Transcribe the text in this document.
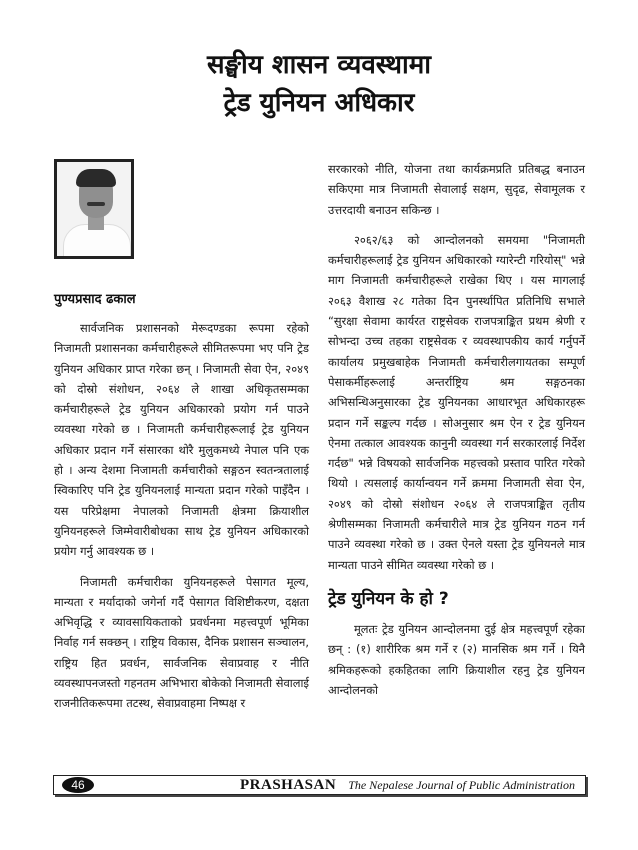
सङ्घीय शासन व्यवस्थामा
ट्रेड युनियन अधिकार
पुण्यप्रसाद ढकाल

सार्वजनिक प्रशासनको मेरूदण्डका रूपमा रहेको निजामती प्रशासनका कर्मचारीहरूले सीमितरूपमा भए पनि ट्रेड युनियन अधिकार प्राप्त गरेका छन् । निजामती सेवा ऐन, २०४९ को दोस्रो संशोधन, २०६४ ले शाखा अधिकृतसम्मका कर्मचारीहरूले ट्रेड युनियन अधिकारको प्रयोग गर्न पाउने व्यवस्था गरेको छ । निजामती कर्मचारीहरूलाई ट्रेड युनियन अधिकार प्रदान गर्ने संसारका थोरै मुलुकमध्ये नेपाल पनि एक हो । अन्य देशमा निजामती कर्मचारीको सङ्गठन स्वतन्त्रतालाई स्विकारिए पनि ट्रेड युनियनलाई मान्यता प्रदान गरेको पाइँदैन । यस परिप्रेक्षमा नेपालको निजामती क्षेत्रमा क्रियाशील युनियनहरूले जिम्मेवारीबोधका साथ ट्रेड युनियन अधिकारको प्रयोग गर्नु आवश्यक छ ।

निजामती कर्मचारीका युनियनहरूले पेसागत मूल्य, मान्यता र मर्यादाको जगेर्ना गर्दै पेसागत विशिष्टीकरण, दक्षता अभिवृद्धि र व्यावसायिकताको प्रवर्धनमा महत्त्वपूर्ण भूमिका निर्वाह गर्न सक्छन् । राष्ट्रिय विकास, दैनिक प्रशासन सञ्चालन, राष्ट्रिय हित प्रवर्धन, सार्वजनिक सेवाप्रवाह र नीति व्यवस्थापनजस्तो गहनतम अभिभारा बोकेको निजामती सेवालाई राजनीतिकरूपमा तटस्थ, सेवाप्रवाहमा निष्पक्ष र

सरकारको नीति, योजना तथा कार्यक्रमप्रति प्रतिबद्ध बनाउन सकिएमा मात्र निजामती सेवालाई सक्षम, सुदृढ, सेवामूलक र उत्तरदायी बनाउन सकिन्छ ।

२०६२/६३ को आन्दोलनको समयमा "निजामती कर्मचारीहरूलाई ट्रेड युनियन अधिकारको ग्यारेन्टी गरियोस्" भन्ने माग निजामती कर्मचारीहरूले राखेका थिए । यस मागलाई २०६३ वैशाख २८ गतेका दिन पुनर्स्थापित प्रतिनिधि सभाले “सुरक्षा सेवामा कार्यरत राष्ट्रसेवक राजपत्राङ्कित प्रथम श्रेणी र सोभन्दा उच्च तहका राष्ट्रसेवक र व्यवस्थापकीय कार्य गर्नुपर्ने कार्यालय प्रमुखबाहेक निजामती कर्मचारीलगायतका सम्पूर्ण पेसाकर्मीहरूलाई अन्तर्राष्ट्रिय श्रम सङ्गठनका अभिसन्धिअनुसारका ट्रेड युनियनका आधारभूत अधिकारहरू प्रदान गर्ने सङ्कल्प गर्दछ । सोअनुसार श्रम ऐन र ट्रेड युनियन ऐनमा तत्काल आवश्यक कानुनी व्यवस्था गर्न सरकारलाई निर्देश गर्दछ" भन्ने विषयको सार्वजनिक महत्त्वको प्रस्ताव पारित गरेको थियो । त्यसलाई कार्यान्वयन गर्ने क्रममा निजामती सेवा ऐन, २०४९ को दोस्रो संशोधन २०६४ ले राजपत्राङ्कित तृतीय श्रेणीसम्मका निजामती कर्मचारीले मात्र ट्रेड युनियन गठन गर्न पाउने व्यवस्था गरेको छ । उक्त ऐनले यस्ता ट्रेड युनियनले मात्र मान्यता पाउने सीमित व्यवस्था गरेको छ ।

ट्रेड युनियन के हो ?

मूलतः ट्रेड युनियन आन्दोलनमा दुई क्षेत्र महत्त्वपूर्ण रहेका छन् : (१) शारीरिक श्रम गर्ने र (२) मानसिक श्रम गर्ने । यिनै श्रमिकहरूको हकहितका लागि क्रियाशील रहनु ट्रेड युनियन आन्दोलनको

46	PRASHASAN The Nepalese Journal of Public Administration
